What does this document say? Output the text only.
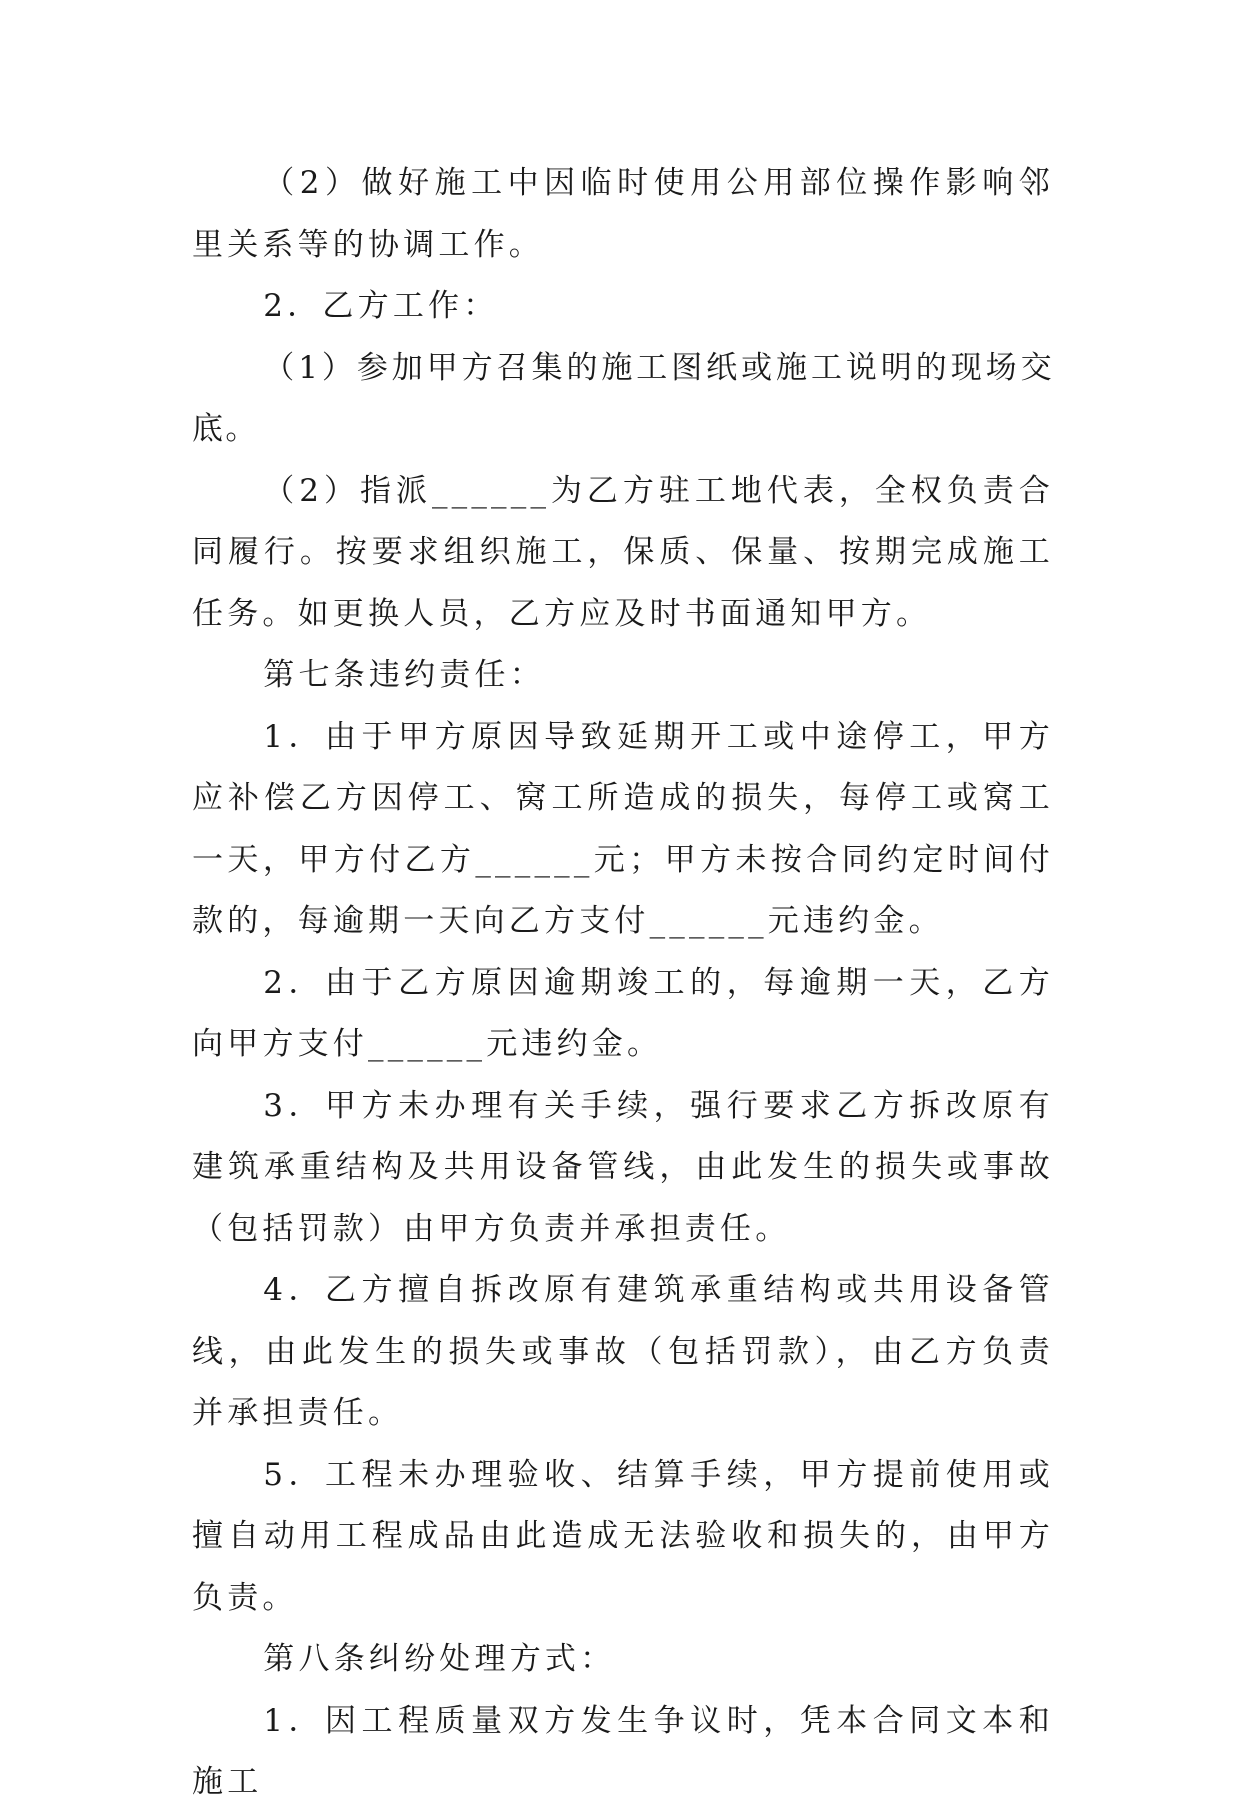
（2）做好施工中因临时使用公用部位操作影响邻里关系等的协调工作。

2．乙方工作：

（1）参加甲方召集的施工图纸或施工说明的现场交底。

（2）指派______为乙方驻工地代表，全权负责合同履行。按要求组织施工，保质、保量、按期完成施工任务。如更换人员，乙方应及时书面通知甲方。

第七条违约责任：

1．由于甲方原因导致延期开工或中途停工，甲方应补偿乙方因停工、窝工所造成的损失，每停工或窝工一天，甲方付乙方______元；甲方未按合同约定时间付款的，每逾期一天向乙方支付______元违约金。

2．由于乙方原因逾期竣工的，每逾期一天，乙方向甲方支付______元违约金。

3．甲方未办理有关手续，强行要求乙方拆改原有建筑承重结构及共用设备管线，由此发生的损失或事故（包括罚款）由甲方负责并承担责任。

4．乙方擅自拆改原有建筑承重结构或共用设备管线，由此发生的损失或事故（包括罚款），由乙方负责并承担责任。

5．工程未办理验收、结算手续，甲方提前使用或擅自动用工程成品由此造成无法验收和损失的，由甲方负责。

第八条纠纷处理方式：

1．因工程质量双方发生争议时，凭本合同文本和施工
